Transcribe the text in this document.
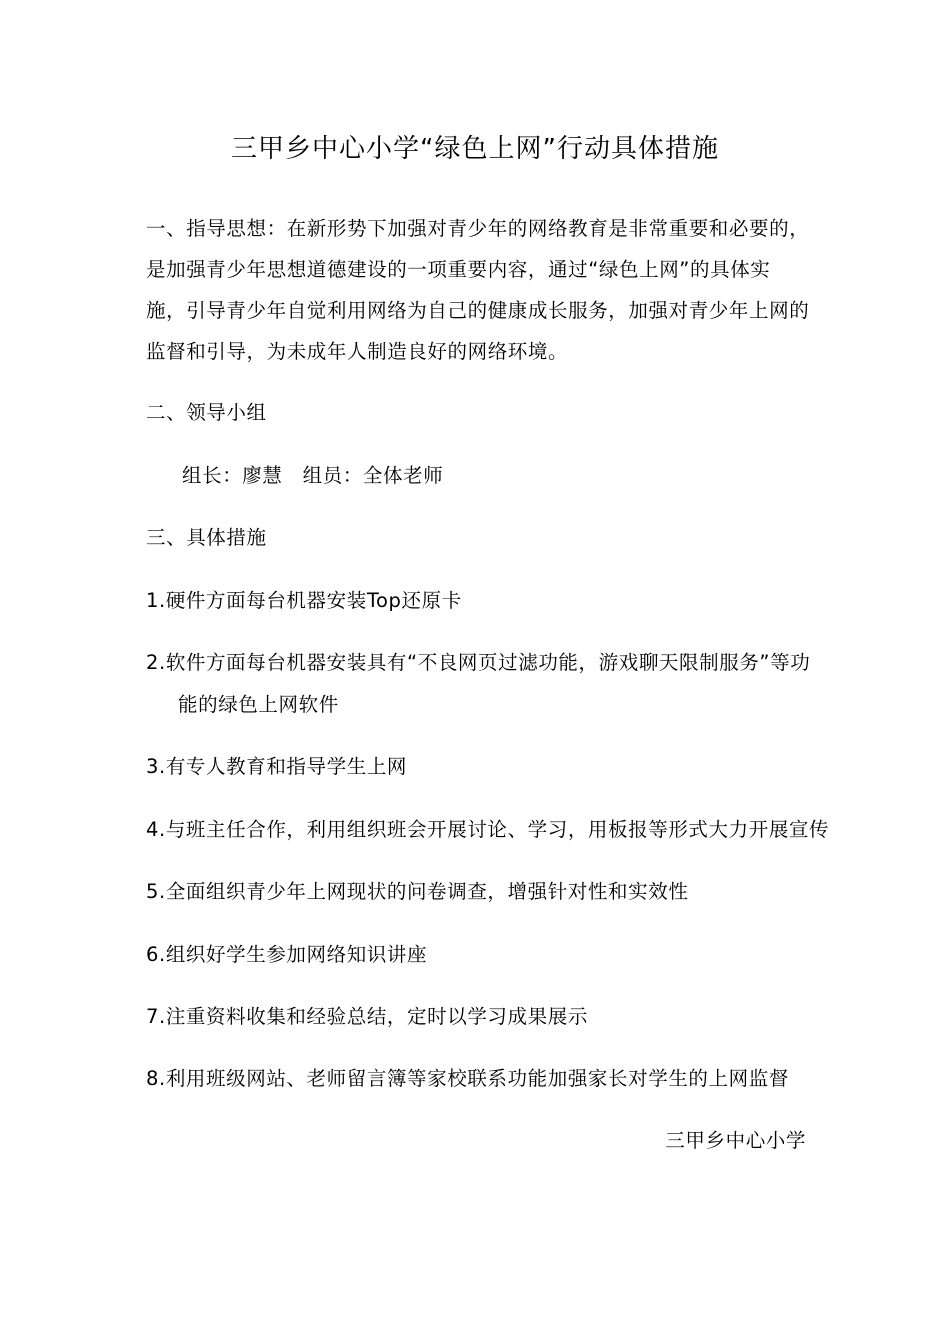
三甲乡中心小学“绿色上网”行动具体措施
一、指导思想：在新形势下加强对青少年的网络教育是非常重要和必要的，是加强青少年思想道德建设的一项重要内容，通过“绿色上网”的具体实施，引导青少年自觉利用网络为自己的健康成长服务，加强对青少年上网的监督和引导，为未成年人制造良好的网络环境。
二、领导小组
组长：廖慧　组员：全体老师
三、具体措施
1.硬件方面每台机器安装Top还原卡
2.软件方面每台机器安装具有“不良网页过滤功能，游戏聊天限制服务”等功
能的绿色上网软件
3.有专人教育和指导学生上网
4.与班主任合作，利用组织班会开展讨论、学习，用板报等形式大力开展宣传
5.全面组织青少年上网现状的问卷调查，增强针对性和实效性
6.组织好学生参加网络知识讲座
7.注重资料收集和经验总结，定时以学习成果展示
8.利用班级网站、老师留言簿等家校联系功能加强家长对学生的上网监督
三甲乡中心小学
